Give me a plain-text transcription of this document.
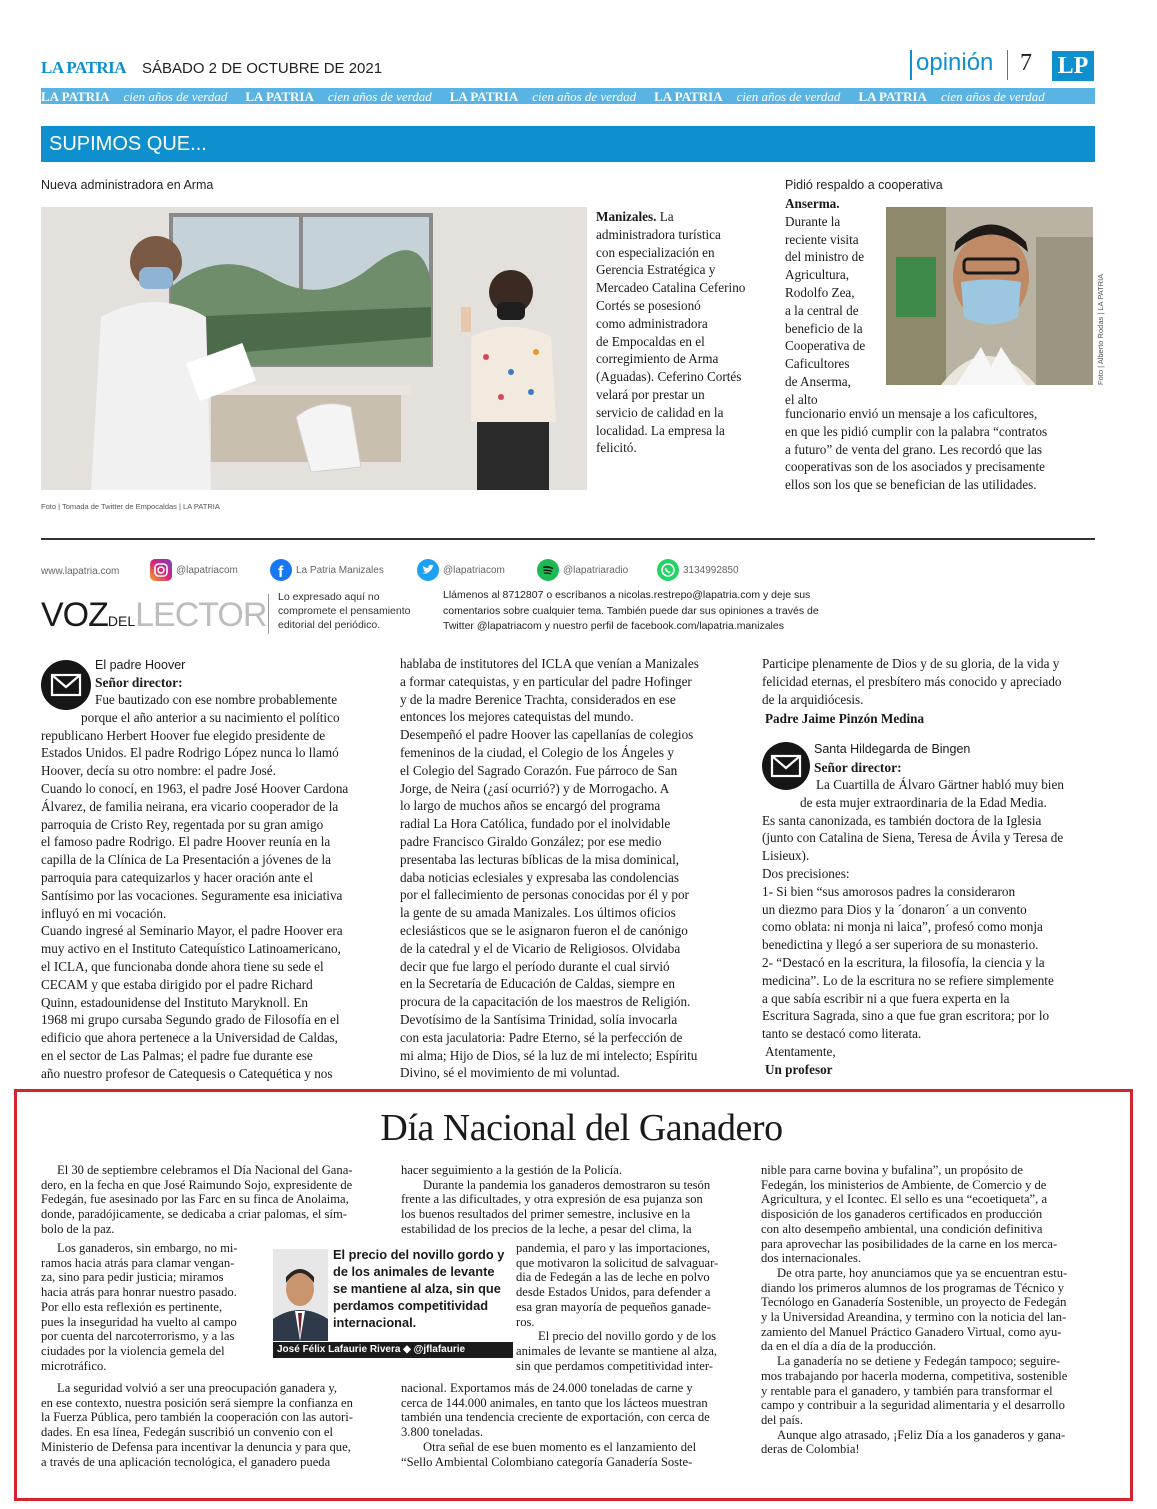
LA PATRIA SÁBADO 2 DE OCTUBRE DE 2021	opinión 7 LP
LA PATRIA cien años de verdad LA PATRIA cien años de verdad LA PATRIA cien años de verdad LA PATRIA cien años de verdad LA PATRIA cien años de verdad
SUPIMOS QUE...
Nueva administradora en Arma
Foto | Tomada de Twitter de Empocaldas | LA PATRIA
Manizales. La
administradora turística
con especialización en
Gerencia Estratégica y
Mercadeo Catalina Ceferino
Cortés se posesionó
como administradora
de Empocaldas en el
corregimiento de Arma
(Aguadas). Ceferino Cortés
velará por prestar un
servicio de calidad en la
localidad. La empresa la
felicitó.
Pidió respaldo a cooperativa
Anserma.
Durante la
reciente visita
del ministro de
Agricultura,
Rodolfo Zea,
a la central de
beneficio de la
Cooperativa de
Caficultores
de Anserma,
el alto
funcionario envió un mensaje a los caficultores,
en que les pidió cumplir con la palabra “contratos
a futuro” de venta del grano. Les recordó que las
cooperativas son de los asociados y precisamente
ellos son los que se benefician de las utilidades.
Foto | Alberto Rodas | LA PATRIA
www.lapatria.com	@lapatriacom	f La Patria Manizales	@lapatriacom	@lapatriaradio	3134992850
VOZDELLECTOR Lo expresado aquí no
compromete el pensamiento
editorial del periódico.
Llámenos al 8712807 o escríbanos a nicolas.restrepo@lapatria.com y deje sus
comentarios sobre cualquier tema. También puede dar sus opiniones a través de
Twitter @lapatriacom y nuestro perfil de facebook.com/lapatria.manizales
El padre Hoover
Señor director:
Fue bautizado con ese nombre probablemente
porque el año anterior a su nacimiento el político
republicano Herbert Hoover fue elegido presidente de
Estados Unidos. El padre Rodrigo López nunca lo llamó
Hoover, decía su otro nombre: el padre José.
Cuando lo conocí, en 1963, el padre José Hoover Cardona
Álvarez, de familia neirana, era vicario cooperador de la
parroquia de Cristo Rey, regentada por su gran amigo
el famoso padre Rodrigo. El padre Hoover reunía en la
capilla de la Clínica de La Presentación a jóvenes de la
parroquia para catequizarlos y hacer oración ante el
Santísimo por las vocaciones. Seguramente esa iniciativa
influyó en mi vocación.
Cuando ingresé al Seminario Mayor, el padre Hoover era
muy activo en el Instituto Catequístico Latinoamericano,
el ICLA, que funcionaba donde ahora tiene su sede el
CECAM y que estaba dirigido por el padre Richard
Quinn, estadounidense del Instituto Maryknoll. En
1968 mi grupo cursaba Segundo grado de Filosofía en el
edificio que ahora pertenece a la Universidad de Caldas,
en el sector de Las Palmas; el padre fue durante ese
año nuestro profesor de Catequesis o Catequética y nos
hablaba de institutores del ICLA que venían a Manizales
a formar catequistas, y en particular del padre Hofinger
y de la madre Berenice Trachta, considerados en ese
entonces los mejores catequistas del mundo.
Desempeñó el padre Hoover las capellanías de colegios
femeninos de la ciudad, el Colegio de los Ángeles y
el Colegio del Sagrado Corazón. Fue párroco de San
Jorge, de Neira (¿así ocurrió?) y de Morrogacho. A
lo largo de muchos años se encargó del programa
radial La Hora Católica, fundado por el inolvidable
padre Francisco Giraldo González; por ese medio
presentaba las lecturas bíblicas de la misa dominical,
daba noticias eclesiales y expresaba las condolencias
por el fallecimiento de personas conocidas por él y por
la gente de su amada Manizales. Los últimos oficios
eclesiásticos que se le asignaron fueron el de canónigo
de la catedral y el de Vicario de Religiosos. Olvidaba
decir que fue largo el período durante el cual sirvió
en la Secretaría de Educación de Caldas, siempre en
procura de la capacitación de los maestros de Religión.
Devotísimo de la Santísima Trinidad, solía invocarla
con esta jaculatoria: Padre Eterno, sé la perfección de
mi alma; Hijo de Dios, sé la luz de mi intelecto; Espíritu
Divino, sé el movimiento de mi voluntad.
Participe plenamente de Dios y de su gloria, de la vida y
felicidad eternas, el presbítero más conocido y apreciado
de la arquidiócesis.
Padre Jaime Pinzón Medina
Santa Hildegarda de Bingen
Señor director:
La Cuartilla de Álvaro Gärtner habló muy bien
de esta mujer extraordinaria de la Edad Media.
Es santa canonizada, es también doctora de la Iglesia
(junto con Catalina de Siena, Teresa de Ávila y Teresa de
Lisieux).
Dos precisiones:
1- Si bien “sus amorosos padres la consideraron
un diezmo para Dios y la ´donaron´ a un convento
como oblata: ni monja ni laica”, profesó como monja
benedictina y llegó a ser superiora de su monasterio.
2- “Destacó en la escritura, la filosofía, la ciencia y la
medicina”. Lo de la escritura no se refiere simplemente
a que sabía escribir ni a que fuera experta en la
Escritura Sagrada, sino a que fue gran escritora; por lo
tanto se destacó como literata.
Atentamente,
Un profesor
Día Nacional del Ganadero
El 30 de septiembre celebramos el Día Nacional del Gana-
dero, en la fecha en que José Raimundo Sojo, expresidente de
Fedegán, fue asesinado por las Farc en su finca de Anolaima,
donde, paradójicamente, se dedicaba a criar palomas, el sím-
bolo de la paz.
Los ganaderos, sin embargo, no mi-
ramos hacia atrás para clamar vengan-
za, sino para pedir justicia; miramos
hacia atrás para honrar nuestro pasado.
Por ello esta reflexión es pertinente,
pues la inseguridad ha vuelto al campo
por cuenta del narcoterrorismo, y a las
ciudades por la violencia gemela del
microtráfico.
La seguridad volvió a ser una preocupación ganadera y,
en ese contexto, nuestra posición será siempre la confianza en
la Fuerza Pública, pero también la cooperación con las autori-
dades. En esa línea, Fedegán suscribió un convenio con el
Ministerio de Defensa para incentivar la denuncia y para que,
a través de una aplicación tecnológica, el ganadero pueda
El precio del novillo gordo y
de los animales de levante
se mantiene al alza, sin que
perdamos competitividad
internacional.
José Félix Lafaurie Rivera ◆ @jflafaurie
hacer seguimiento a la gestión de la Policía.
Durante la pandemia los ganaderos demostraron su tesón
frente a las dificultades, y otra expresión de esa pujanza son
los buenos resultados del primer semestre, inclusive en la
estabilidad de los precios de la leche, a pesar del clima, la
pandemia, el paro y las importaciones,
que motivaron la solicitud de salvaguar-
dia de Fedegán a las de leche en polvo
desde Estados Unidos, para defender a
esa gran mayoría de pequeños ganade-
ros.
El precio del novillo gordo y de los
animales de levante se mantiene al alza,
sin que perdamos competitividad inter-
nacional. Exportamos más de 24.000 toneladas de carne y
cerca de 144.000 animales, en tanto que los lácteos muestran
también una tendencia creciente de exportación, con cerca de
3.800 toneladas.
Otra señal de ese buen momento es el lanzamiento del
“Sello Ambiental Colombiano categoría Ganadería Soste-
nible para carne bovina y bufalina”, un propósito de
Fedegán, los ministerios de Ambiente, de Comercio y de
Agricultura, y el Icontec. El sello es una “ecoetiqueta”, a
disposición de los ganaderos certificados en producción
con alto desempeño ambiental, una condición definitiva
para aprovechar las posibilidades de la carne en los merca-
dos internacionales.
De otra parte, hoy anunciamos que ya se encuentran estu-
diando los primeros alumnos de los programas de Técnico y
Tecnólogo en Ganadería Sostenible, un proyecto de Fedegán
y la Universidad Areandina, y termino con la noticia del lan-
zamiento del Manuel Práctico Ganadero Virtual, como ayu-
da en el día a día de la producción.
La ganadería no se detiene y Fedegán tampoco; seguire-
mos trabajando por hacerla moderna, competitiva, sostenible
y rentable para el ganadero, y también para transformar el
campo y contribuir a la seguridad alimentaria y el desarrollo
del país.
Aunque algo atrasado, ¡Feliz Día a los ganaderos y gana-
deras de Colombia!
